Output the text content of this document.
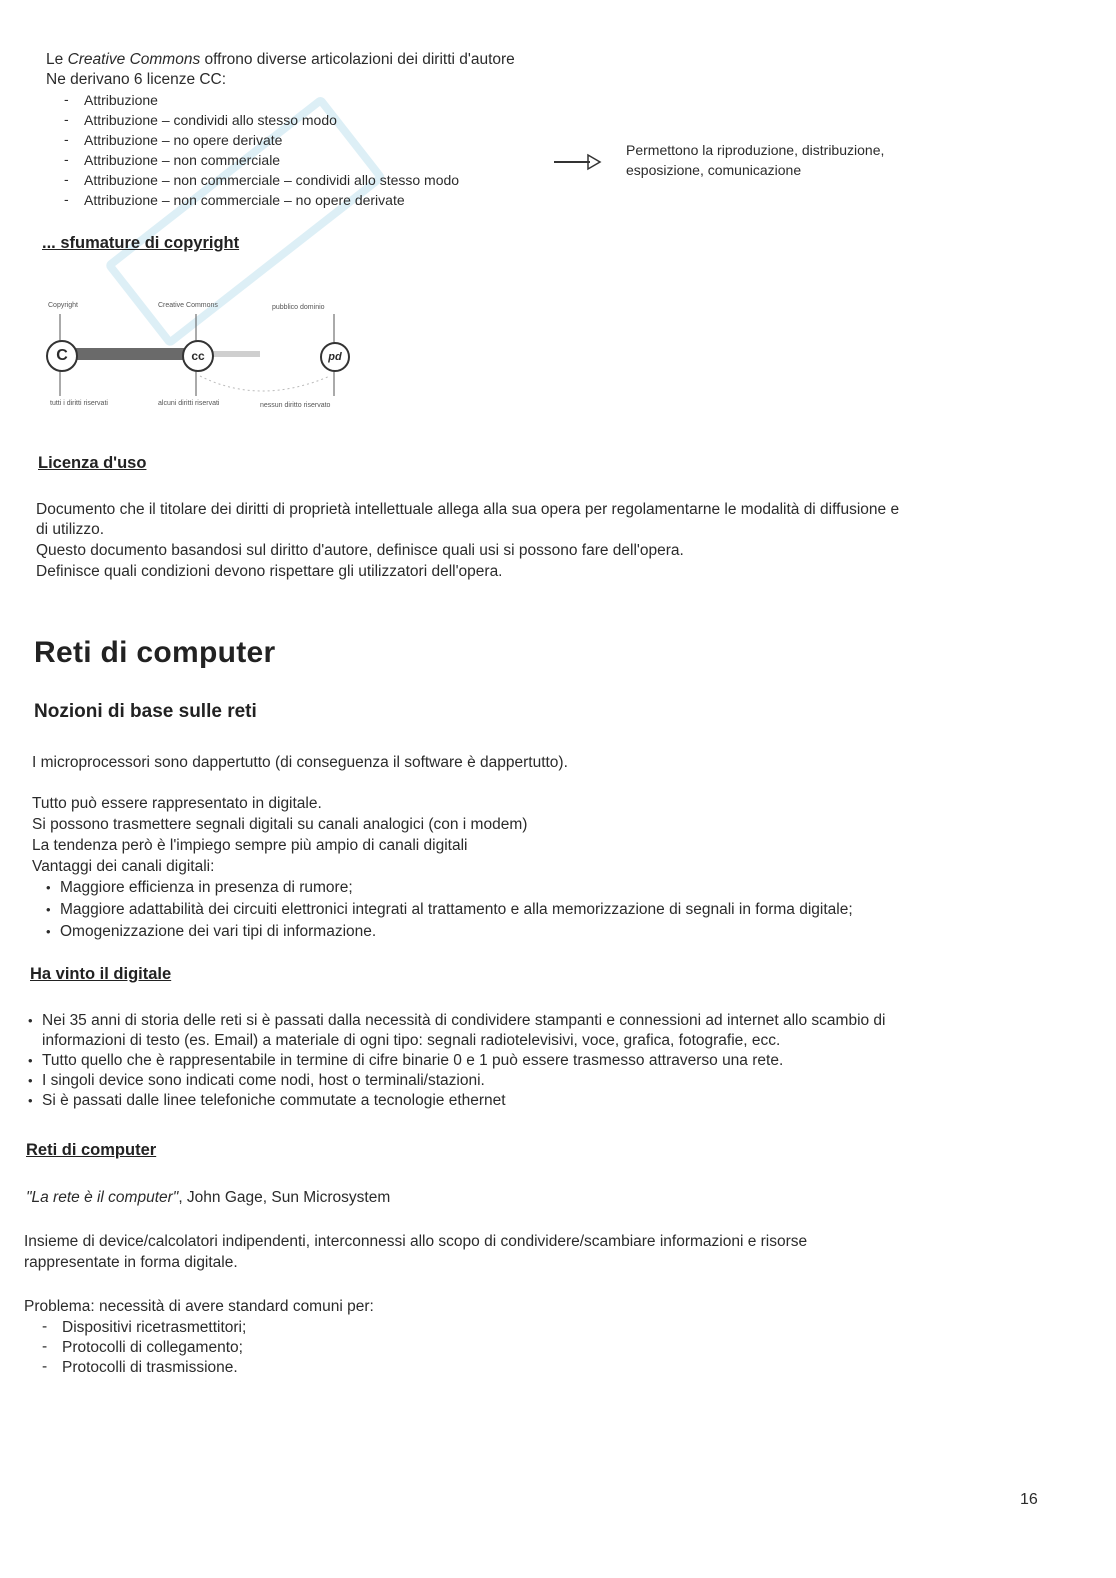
Le Creative Commons offrono diverse articolazioni dei diritti d'autore
Ne derivano 6 licenze CC:
- Attribuzione
- Attribuzione – condividi allo stesso modo
- Attribuzione – no opere derivate
- Attribuzione – non commerciale
- Attribuzione – non commerciale – condividi allo stesso modo
- Attribuzione – non commerciale – no opere derivate
Permettono la riproduzione, distribuzione,
esposizione, comunicazione
... sfumature di copyright
Copyright	Creative Commons	pubblico dominio
C	cc	pd
tutti i diritti riservati	alcuni diritti riservati	nessun diritto riservato
Licenza d'uso
Documento che il titolare dei diritti di proprietà intellettuale allega alla sua opera per regolamentarne le modalità di diffusione e
di utilizzo.
Questo documento basandosi sul diritto d'autore, definisce quali usi si possono fare dell'opera.
Definisce quali condizioni devono rispettare gli utilizzatori dell'opera.
Reti di computer
Nozioni di base sulle reti
I microprocessori sono dappertutto (di conseguenza il software è dappertutto).
Tutto può essere rappresentato in digitale.
Si possono trasmettere segnali digitali su canali analogici (con i modem)
La tendenza però è l'impiego sempre più ampio di canali digitali
Vantaggi dei canali digitali:
• Maggiore efficienza in presenza di rumore;
• Maggiore adattabilità dei circuiti elettronici integrati al trattamento e alla memorizzazione di segnali in forma digitale;
• Omogenizzazione dei vari tipi di informazione.
Ha vinto il digitale
• Nei 35 anni di storia delle reti si è passati dalla necessità di condividere stampanti e connessioni ad internet allo scambio di
informazioni di testo (es. Email) a materiale di ogni tipo: segnali radiotelevisivi, voce, grafica, fotografie, ecc.
• Tutto quello che è rappresentabile in termine di cifre binarie 0 e 1 può essere trasmesso attraverso una rete.
• I singoli device sono indicati come nodi, host o terminali/stazioni.
• Si è passati dalle linee telefoniche commutate a tecnologie ethernet
Reti di computer
"La rete è il computer", John Gage, Sun Microsystem
Insieme di device/calcolatori indipendenti, interconnessi allo scopo di condividere/scambiare informazioni e risorse
rappresentate in forma digitale.
Problema: necessità di avere standard comuni per:
- Dispositivi ricetrasmettitori;
- Protocolli di collegamento;
- Protocolli di trasmissione.
16
